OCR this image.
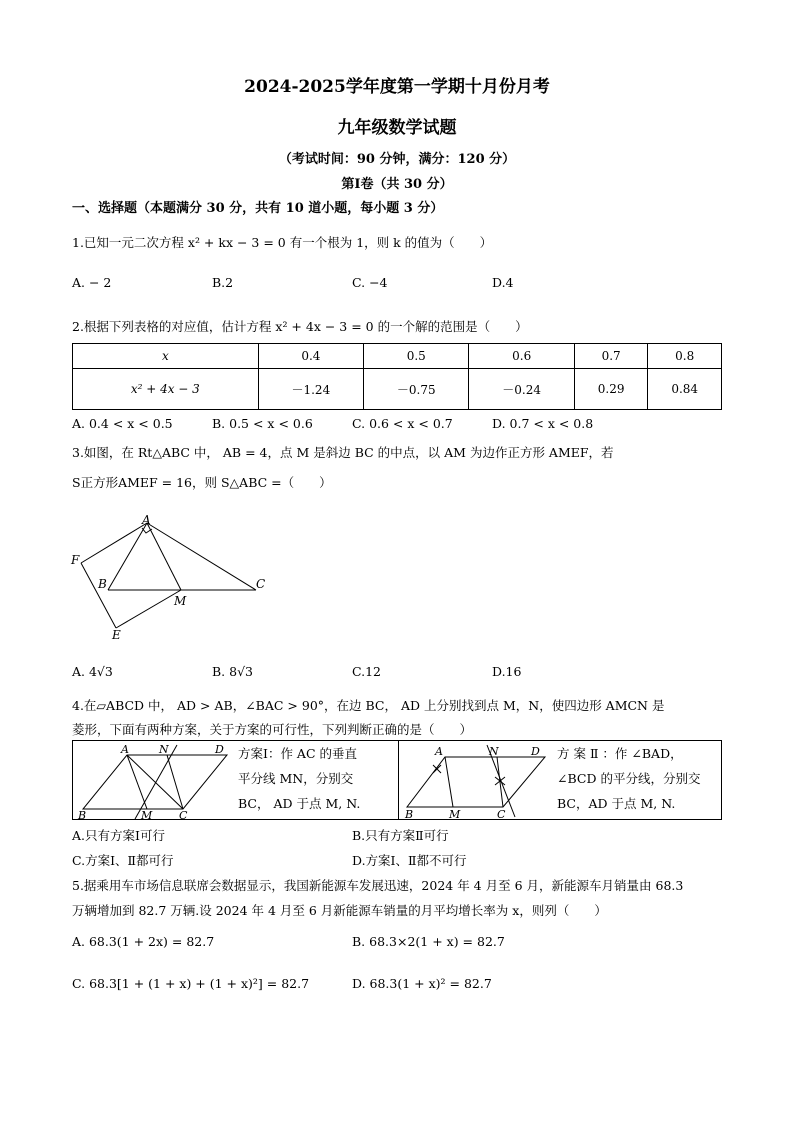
2024-2025学年度第一学期十月份月考
九年级数学试题
（考试时间：90 分钟，满分：120 分）
第Ⅰ卷（共 30 分）
一、选择题（本题满分 30 分，共有 10 道小题，每小题 3 分）
1.已知一元二次方程 x² + kx − 3 = 0 有一个根为 1，则 k 的值为（　　）
A. − 2	B.2	C. −4	D.4
2.根据下列表格的对应值，估计方程 x² + 4x − 3 = 0 的一个解的范围是（　　）
x	0.4	0.5	0.6	0.7	0.8
x² + 4x − 3	－1.24	－0.75	－0.24	0.29	0.84
A. 0.4 < x < 0.5	B. 0.5 < x < 0.6	C. 0.6 < x < 0.7	D. 0.7 < x < 0.8
3.如图，在 Rt△ABC 中， AB = 4，点 M 是斜边 BC 的中点，以 AM 为边作正方形 AMEF，若
S正方形AMEF = 16，则 S△ABC =（　　）
A
F
B
M
C
E
A. 4√3	B. 8√3	C.12	D.16
4.在▱ABCD 中， AD > AB，∠BAC > 90°，在边 BC， AD 上分别找到点 M，N，使四边形 AMCN 是
菱形，下面有两种方案，关于方案的可行性，下列判断正确的是（　　）
A	N	D
B	M C
方案Ⅰ：作 AC 的垂直
平分线 MN，分别交
BC， AD 于点 M, N.
A	N	D
B	M	C
方 案 Ⅱ ：作 ∠BAD，
∠BCD 的平分线，分别交
BC，AD 于点 M, N.
A.只有方案Ⅰ可行	B.只有方案Ⅱ可行
C.方案Ⅰ、Ⅱ都可行	D.方案Ⅰ、Ⅱ都不可行
5.据乘用车市场信息联席会数据显示，我国新能源车发展迅速，2024 年 4 月至 6 月，新能源车月销量由 68.3
万辆增加到 82.7 万辆.设 2024 年 4 月至 6 月新能源车销量的月平均增长率为 x，则列（　　）
A. 68.3(1 + 2x) = 82.7	B. 68.3×2(1 + x) = 82.7
C. 68.3[1 + (1 + x) + (1 + x)²] = 82.7	D. 68.3(1 + x)² = 82.7
